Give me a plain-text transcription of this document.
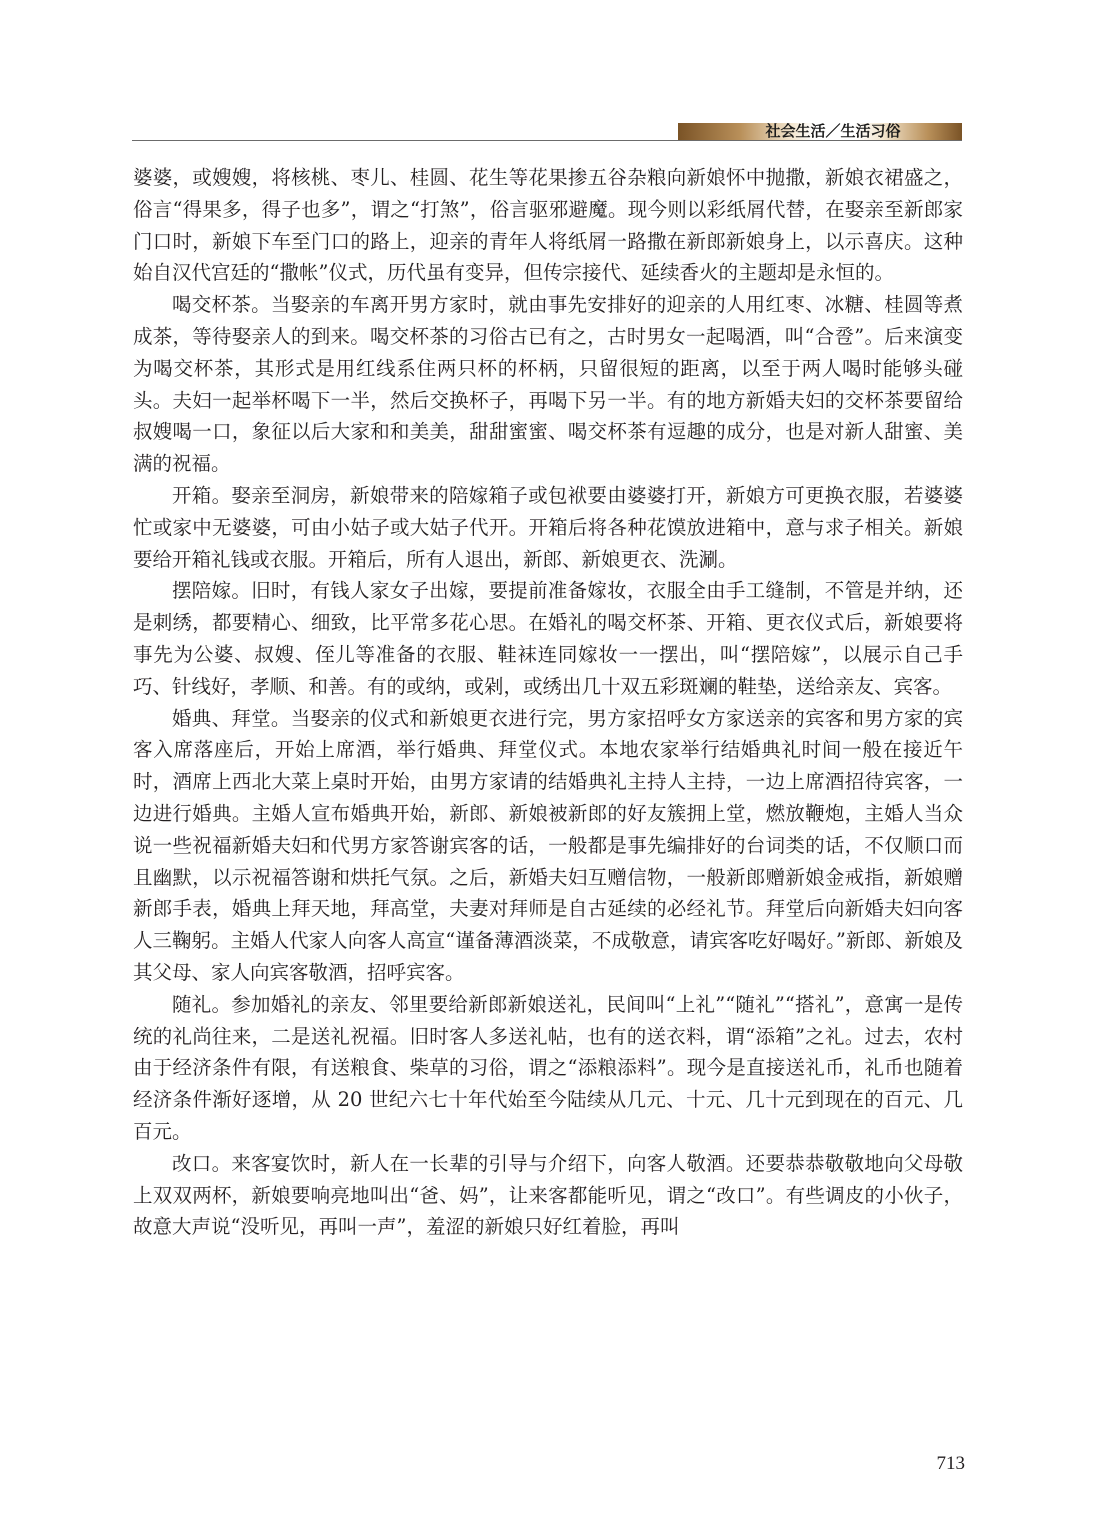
社会生活／生活习俗

婆婆，或嫂嫂，将核桃、枣儿、桂圆、花生等花果掺五谷杂粮向新娘怀中抛撒，新娘衣裙盛之，俗言“得果多，得子也多”，谓之“打煞”，俗言驱邪避魔。现今则以彩纸屑代替，在娶亲至新郎家门口时，新娘下车至门口的路上，迎亲的青年人将纸屑一路撒在新郎新娘身上，以示喜庆。这种始自汉代宫廷的“撒帐”仪式，历代虽有变异，但传宗接代、延续香火的主题却是永恒的。

喝交杯茶。当娶亲的车离开男方家时，就由事先安排好的迎亲的人用红枣、冰糖、桂圆等煮成茶，等待娶亲人的到来。喝交杯茶的习俗古已有之，古时男女一起喝酒，叫“合卺”。后来演变为喝交杯茶，其形式是用红线系住两只杯的杯柄，只留很短的距离，以至于两人喝时能够头碰头。夫妇一起举杯喝下一半，然后交换杯子，再喝下另一半。有的地方新婚夫妇的交杯茶要留给叔嫂喝一口，象征以后大家和和美美，甜甜蜜蜜、喝交杯茶有逗趣的成分，也是对新人甜蜜、美满的祝福。

开箱。娶亲至洞房，新娘带来的陪嫁箱子或包袱要由婆婆打开，新娘方可更换衣服，若婆婆忙或家中无婆婆，可由小姑子或大姑子代开。开箱后将各种花馍放进箱中，意与求子相关。新娘要给开箱礼钱或衣服。开箱后，所有人退出，新郎、新娘更衣、洗涮。

摆陪嫁。旧时，有钱人家女子出嫁，要提前准备嫁妆，衣服全由手工缝制，不管是并纳，还是刺绣，都要精心、细致，比平常多花心思。在婚礼的喝交杯茶、开箱、更衣仪式后，新娘要将事先为公婆、叔嫂、侄儿等准备的衣服、鞋袜连同嫁妆一一摆出，叫“摆陪嫁”，以展示自己手巧、针线好，孝顺、和善。有的或纳，或剁，或绣出几十双五彩斑斓的鞋垫，送给亲友、宾客。

婚典、拜堂。当娶亲的仪式和新娘更衣进行完，男方家招呼女方家送亲的宾客和男方家的宾客入席落座后，开始上席酒，举行婚典、拜堂仪式。本地农家举行结婚典礼时间一般在接近午时，酒席上西北大菜上桌时开始，由男方家请的结婚典礼主持人主持，一边上席酒招待宾客，一边进行婚典。主婚人宣布婚典开始，新郎、新娘被新郎的好友簇拥上堂，燃放鞭炮，主婚人当众说一些祝福新婚夫妇和代男方家答谢宾客的话，一般都是事先编排好的台词类的话，不仅顺口而且幽默，以示祝福答谢和烘托气氛。之后，新婚夫妇互赠信物，一般新郎赠新娘金戒指，新娘赠新郎手表，婚典上拜天地，拜高堂，夫妻对拜师是自古延续的必经礼节。拜堂后向新婚夫妇向客人三鞠躬。主婚人代家人向客人高宣“谨备薄酒淡菜，不成敬意，请宾客吃好喝好。”新郎、新娘及其父母、家人向宾客敬酒，招呼宾客。

随礼。参加婚礼的亲友、邻里要给新郎新娘送礼，民间叫“上礼”“随礼”“搭礼”，意寓一是传统的礼尚往来，二是送礼祝福。旧时客人多送礼帖，也有的送衣料，谓“添箱”之礼。过去，农村由于经济条件有限，有送粮食、柴草的习俗，谓之“添粮添料”。现今是直接送礼币，礼币也随着经济条件渐好逐增，从 20 世纪六七十年代始至今陆续从几元、十元、几十元到现在的百元、几百元。

改口。来客宴饮时，新人在一长辈的引导与介绍下，向客人敬酒。还要恭恭敬敬地向父母敬上双双两杯，新娘要响亮地叫出“爸、妈”，让来客都能听见，谓之“改口”。有些调皮的小伙子，故意大声说“没听见，再叫一声”，羞涩的新娘只好红着脸，再叫

713
